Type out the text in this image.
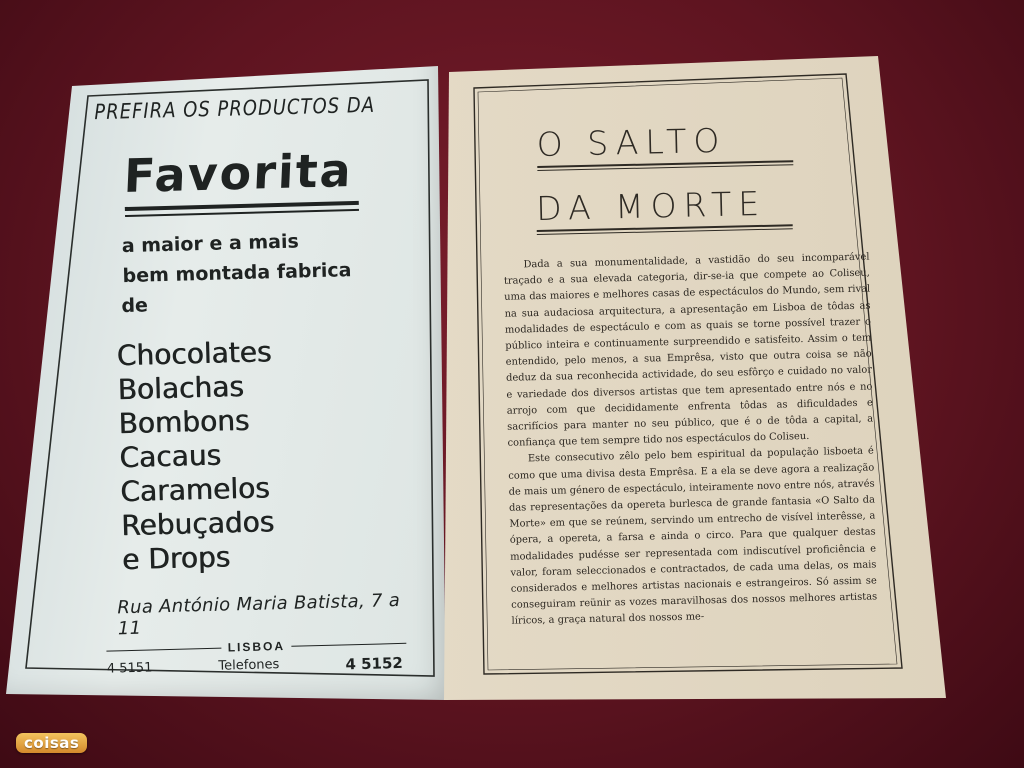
PREFIRA OS PRODUCTOS DA
Favorita
a maior e a mais
bem montada fabrica
de
Chocolates
Bolachas
Bombons
Cacaus
Caramelos
Rebuçados
e Drops
Rua António Maria Batista, 7 a 11
LISBOA
4 5151	Telefones	4 5152
O SALTO
DA MORTE

Dada a sua monumentalidade, a vastidão do seu incomparável traçado e a sua elevada categoria, dir-se-ia que compete ao Coliseu, uma das maiores e melhores casas de espectáculos do Mundo, sem rival na sua audaciosa arquitectura, a apresentação em Lisboa de tôdas as modalidades de espectáculo e com as quais se torne possível trazer o público inteira e continuamente surpreendido e satisfeito. Assim o tem entendido, pelo menos, a sua Emprêsa, visto que outra coisa se não deduz da sua reconhecida actividade, do seu esfôrço e cuidado no valor e variedade dos diversos artistas que tem apresentado entre nós e no arrojo com que decididamente enfrenta tôdas as dificuldades e sacrifícios para manter no seu público, que é o de tôda a capital, a confiança que tem sempre tido nos espectáculos do Coliseu.

Este consecutivo zêlo pelo bem espiritual da população lisboeta é como que uma divisa desta Emprêsa. E a ela se deve agora a realização de mais um género de espectáculo, inteiramente novo entre nós, através das representações da opereta burlesca de grande fantasia «O Salto da Morte» em que se reúnem, servindo um entrecho de visível interêsse, a ópera, a opereta, a farsa e ainda o circo. Para que qualquer destas modalidades pudésse ser representada com indiscutível proficiência e valor, foram seleccionados e contractados, de cada uma delas, os mais considerados e melhores artistas nacionais e estrangeiros. Só assim se conseguiram reünir as vozes maravilhosas dos nossos melhores artistas líricos, a graça natural dos nossos me-

coisas
